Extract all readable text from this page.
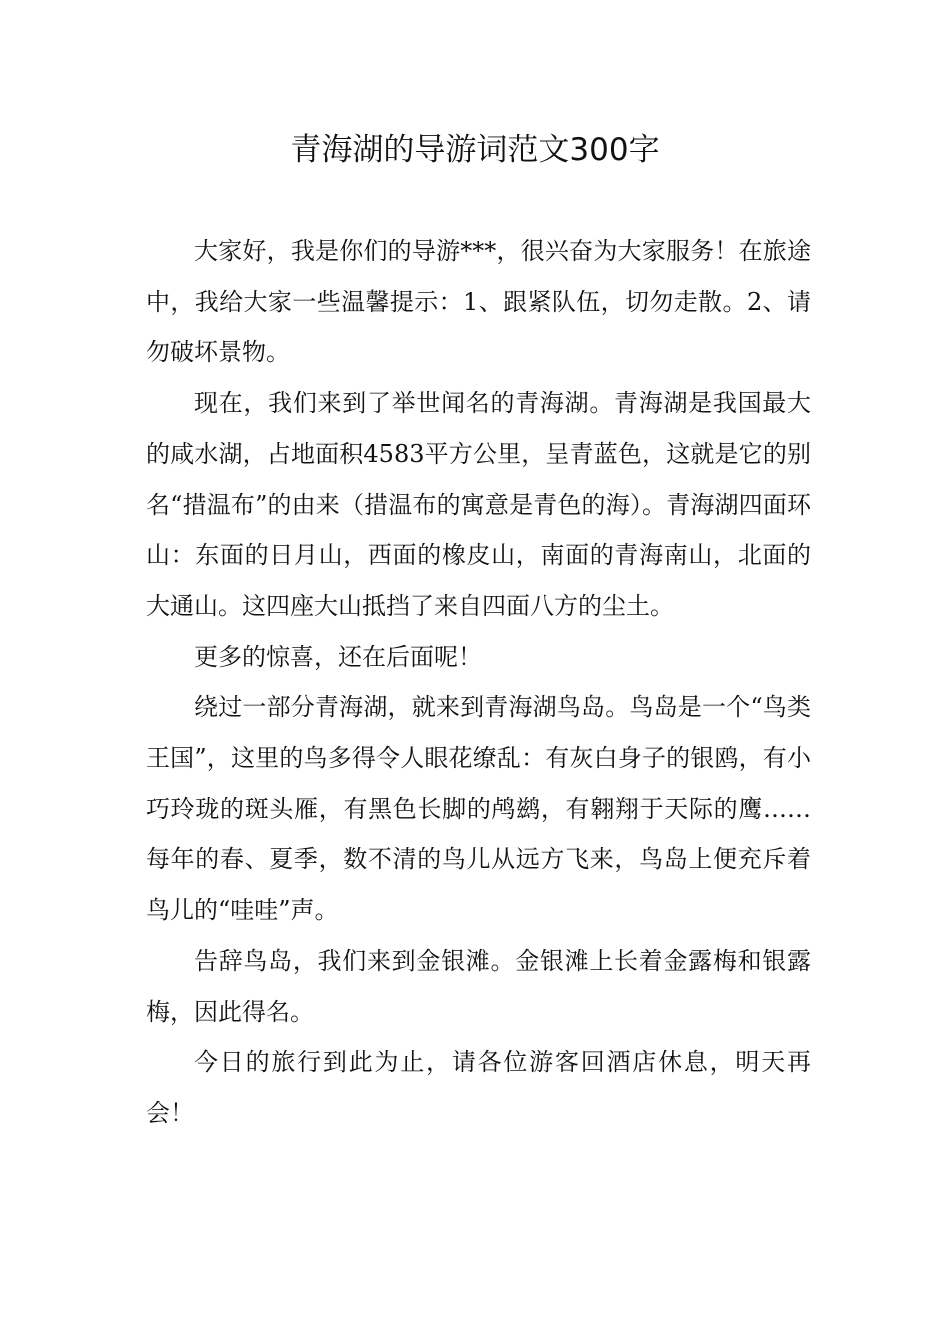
青海湖的导游词范文300字

大家好，我是你们的导游***，很兴奋为大家服务！在旅途中，我给大家一些温馨提示：1、跟紧队伍，切勿走散。2、请勿破坏景物。

现在，我们来到了举世闻名的青海湖。青海湖是我国最大的咸水湖，占地面积4583平方公里，呈青蓝色，这就是它的别名“措温布”的由来（措温布的寓意是青色的海）。青海湖四面环山：东面的日月山，西面的橡皮山，南面的青海南山，北面的大通山。这四座大山抵挡了来自四面八方的尘土。

更多的惊喜，还在后面呢！

绕过一部分青海湖，就来到青海湖鸟岛。鸟岛是一个“鸟类王国”，这里的鸟多得令人眼花缭乱：有灰白身子的银鸥，有小巧玲珑的斑头雁，有黑色长脚的鸬鹚，有翱翔于天际的鹰……每年的春、夏季，数不清的鸟儿从远方飞来，鸟岛上便充斥着鸟儿的“哇哇”声。

告辞鸟岛，我们来到金银滩。金银滩上长着金露梅和银露梅，因此得名。

今日的旅行到此为止，请各位游客回酒店休息，明天再会！
